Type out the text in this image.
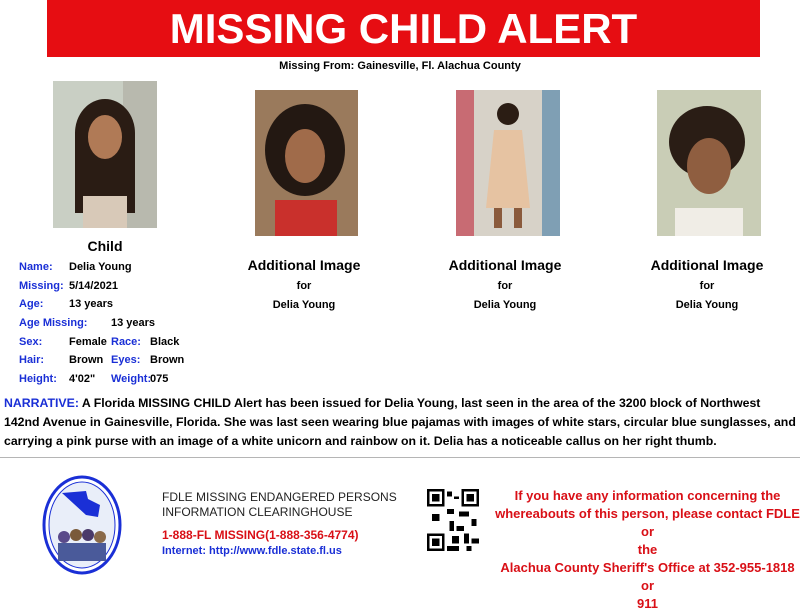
MISSING CHILD ALERT
Missing From: Gainesville, Fl. Alachua County
Child
Additional Image
for
Delia Young
Additional Image
for
Delia Young
Additional Image
for
Delia Young
Name: Delia Young
Missing: 5/14/2021
Age: 13 years
Age Missing: 13 years
Sex: Female Race: Black
Hair: Brown Eyes: Brown
Height: 4'02" Weight:
075
NARRATIVE: A Florida MISSING CHILD Alert has been issued for Delia Young, last seen in the area of the 3200 block of Northwest 142nd Avenue in Gainesville, Florida. She was last seen wearing blue pajamas with images of white stars, circular blue sunglasses, and carrying a pink purse with an image of a white unicorn and rainbow on it. Delia has a noticeable callus on her right thumb.
FDLE MISSING ENDANGERED PERSONS
INFORMATION CLEARINGHOUSE
1-888-FL MISSING(1-888-356-4774)
Internet: http://www.fdle.state.fl.us
If you have any information concerning the
whereabouts of this person, please contact FDLE or
the
Alachua County Sheriff's Office at 352-955-1818 or
911
